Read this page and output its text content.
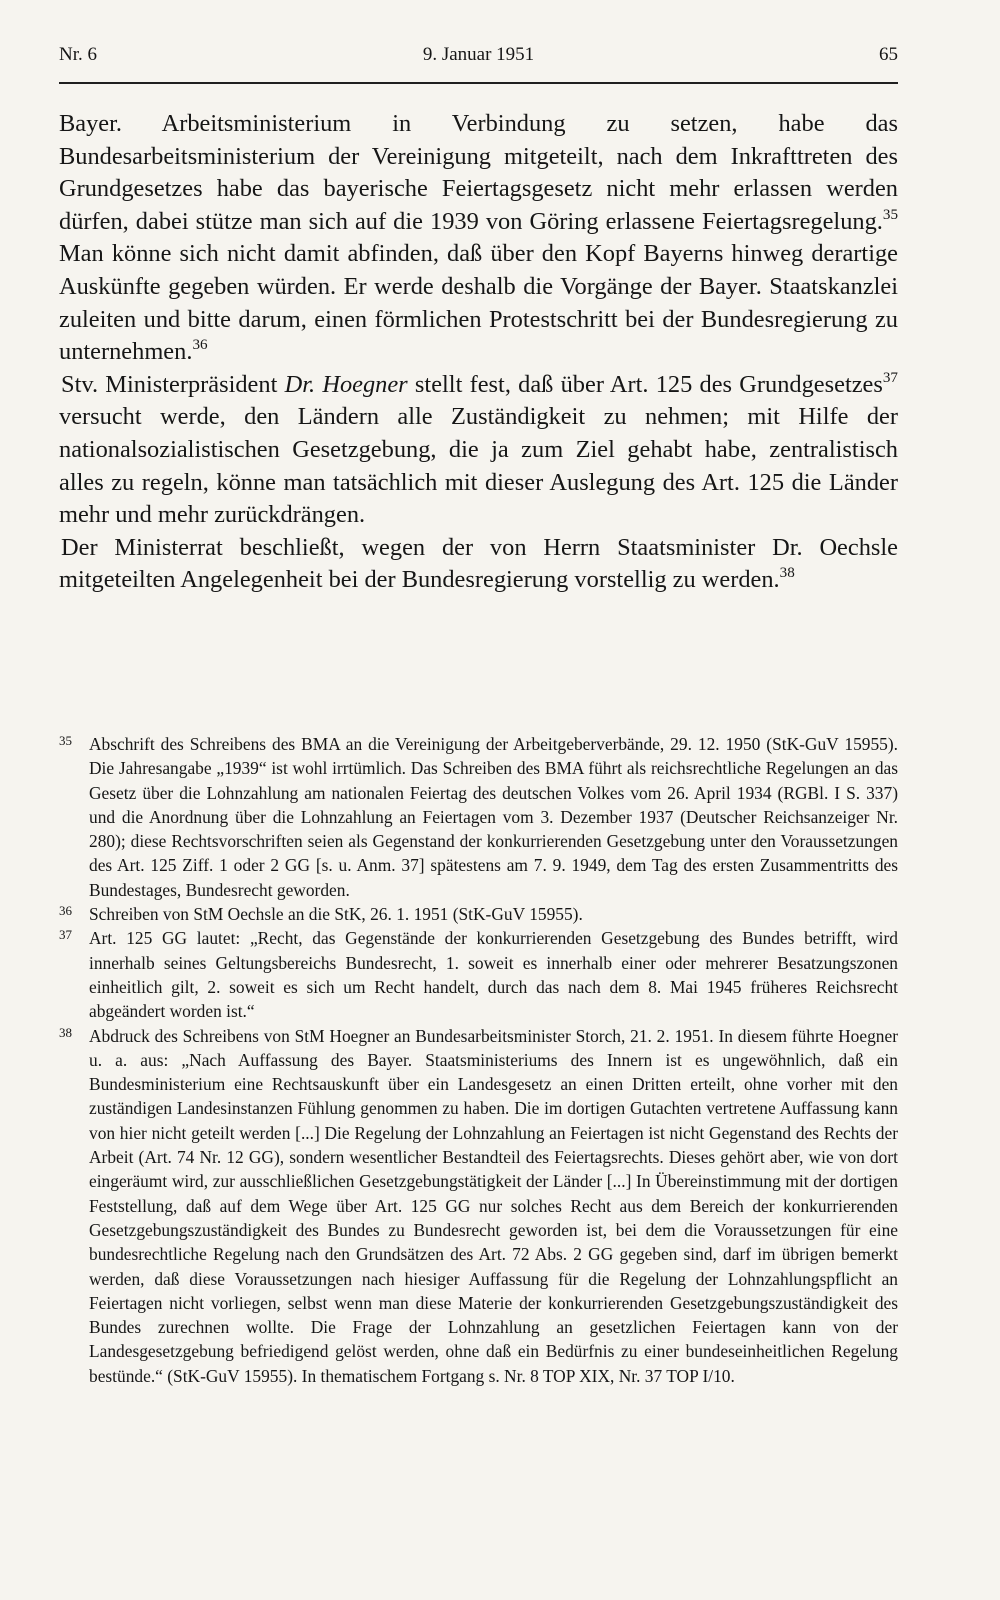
Nr. 6	9. Januar 1951	65

Bayer. Arbeitsministerium in Verbindung zu setzen, habe das Bundesarbeitsministerium der Vereinigung mitgeteilt, nach dem Inkrafttreten des Grundgesetzes habe das bayerische Feiertagsgesetz nicht mehr erlassen werden dürfen, dabei stütze man sich auf die 1939 von Göring erlassene Feiertagsregelung.$^{35}$ Man könne sich nicht damit abfinden, daß über den Kopf Bayerns hinweg derartige Auskünfte gegeben würden. Er werde deshalb die Vorgänge der Bayer. Staatskanzlei zuleiten und bitte darum, einen förmlichen Protestschritt bei der Bundesregierung zu unternehmen.$^{36}$

Stv. Ministerpräsident Dr. Hoegner stellt fest, daß über Art. 125 des Grundgesetzes$^{37}$ versucht werde, den Ländern alle Zuständigkeit zu nehmen; mit Hilfe der nationalsozialistischen Gesetzgebung, die ja zum Ziel gehabt habe, zentralistisch alles zu regeln, könne man tatsächlich mit dieser Auslegung des Art. 125 die Länder mehr und mehr zurückdrängen.

Der Ministerrat beschließt, wegen der von Herrn Staatsminister Dr. Oechsle mitgeteilten Angelegenheit bei der Bundesregierung vorstellig zu werden.$^{38}$

35 Abschrift des Schreibens des BMA an die Vereinigung der Arbeitgeberverbände, 29. 12. 1950 (StK-GuV 15955). Die Jahresangabe „1939“ ist wohl irrtümlich. Das Schreiben des BMA führt als reichsrechtliche Regelungen an das Gesetz über die Lohnzahlung am nationalen Feiertag des deutschen Volkes vom 26. April 1934 (RGBl. I S. 337) und die Anordnung über die Lohnzahlung an Feiertagen vom 3. Dezember 1937 (Deutscher Reichsanzeiger Nr. 280); diese Rechtsvorschriften seien als Gegenstand der konkurrierenden Gesetzgebung unter den Voraussetzungen des Art. 125 Ziff. 1 oder 2 GG [s. u. Anm. 37] spätestens am 7. 9. 1949, dem Tag des ersten Zusammentritts des Bundestages, Bundesrecht geworden.

36 Schreiben von StM Oechsle an die StK, 26. 1. 1951 (StK-GuV 15955).

37 Art. 125 GG lautet: „Recht, das Gegenstände der konkurrierenden Gesetzgebung des Bundes betrifft, wird innerhalb seines Geltungsbereichs Bundesrecht, 1. soweit es innerhalb einer oder mehrerer Besatzungszonen einheitlich gilt, 2. soweit es sich um Recht handelt, durch das nach dem 8. Mai 1945 früheres Reichsrecht abgeändert worden ist.“

38 Abdruck des Schreibens von StM Hoegner an Bundesarbeitsminister Storch, 21. 2. 1951. In diesem führte Hoegner u. a. aus: „Nach Auffassung des Bayer. Staatsministeriums des Innern ist es ungewöhnlich, daß ein Bundesministerium eine Rechtsauskunft über ein Landesgesetz an einen Dritten erteilt, ohne vorher mit den zuständigen Landesinstanzen Fühlung genommen zu haben. Die im dortigen Gutachten vertretene Auffassung kann von hier nicht geteilt werden [...] Die Regelung der Lohnzahlung an Feiertagen ist nicht Gegenstand des Rechts der Arbeit (Art. 74 Nr. 12 GG), sondern wesentlicher Bestandteil des Feiertagsrechts. Dieses gehört aber, wie von dort eingeräumt wird, zur ausschließlichen Gesetzgebungstätigkeit der Länder [...] In Übereinstimmung mit der dortigen Feststellung, daß auf dem Wege über Art. 125 GG nur solches Recht aus dem Bereich der konkurrierenden Gesetzgebungszuständigkeit des Bundes zu Bundesrecht geworden ist, bei dem die Voraussetzungen für eine bundesrechtliche Regelung nach den Grundsätzen des Art. 72 Abs. 2 GG gegeben sind, darf im übrigen bemerkt werden, daß diese Voraussetzungen nach hiesiger Auffassung für die Regelung der Lohnzahlungspflicht an Feiertagen nicht vorliegen, selbst wenn man diese Materie der konkurrierenden Gesetzgebungszuständigkeit des Bundes zurechnen wollte. Die Frage der Lohnzahlung an gesetzlichen Feiertagen kann von der Landesgesetzgebung befriedigend gelöst werden, ohne daß ein Bedürfnis zu einer bundeseinheitlichen Regelung bestünde.“ (StK-GuV 15955). In thematischem Fortgang s. Nr. 8 TOP XIX, Nr. 37 TOP I/10.
